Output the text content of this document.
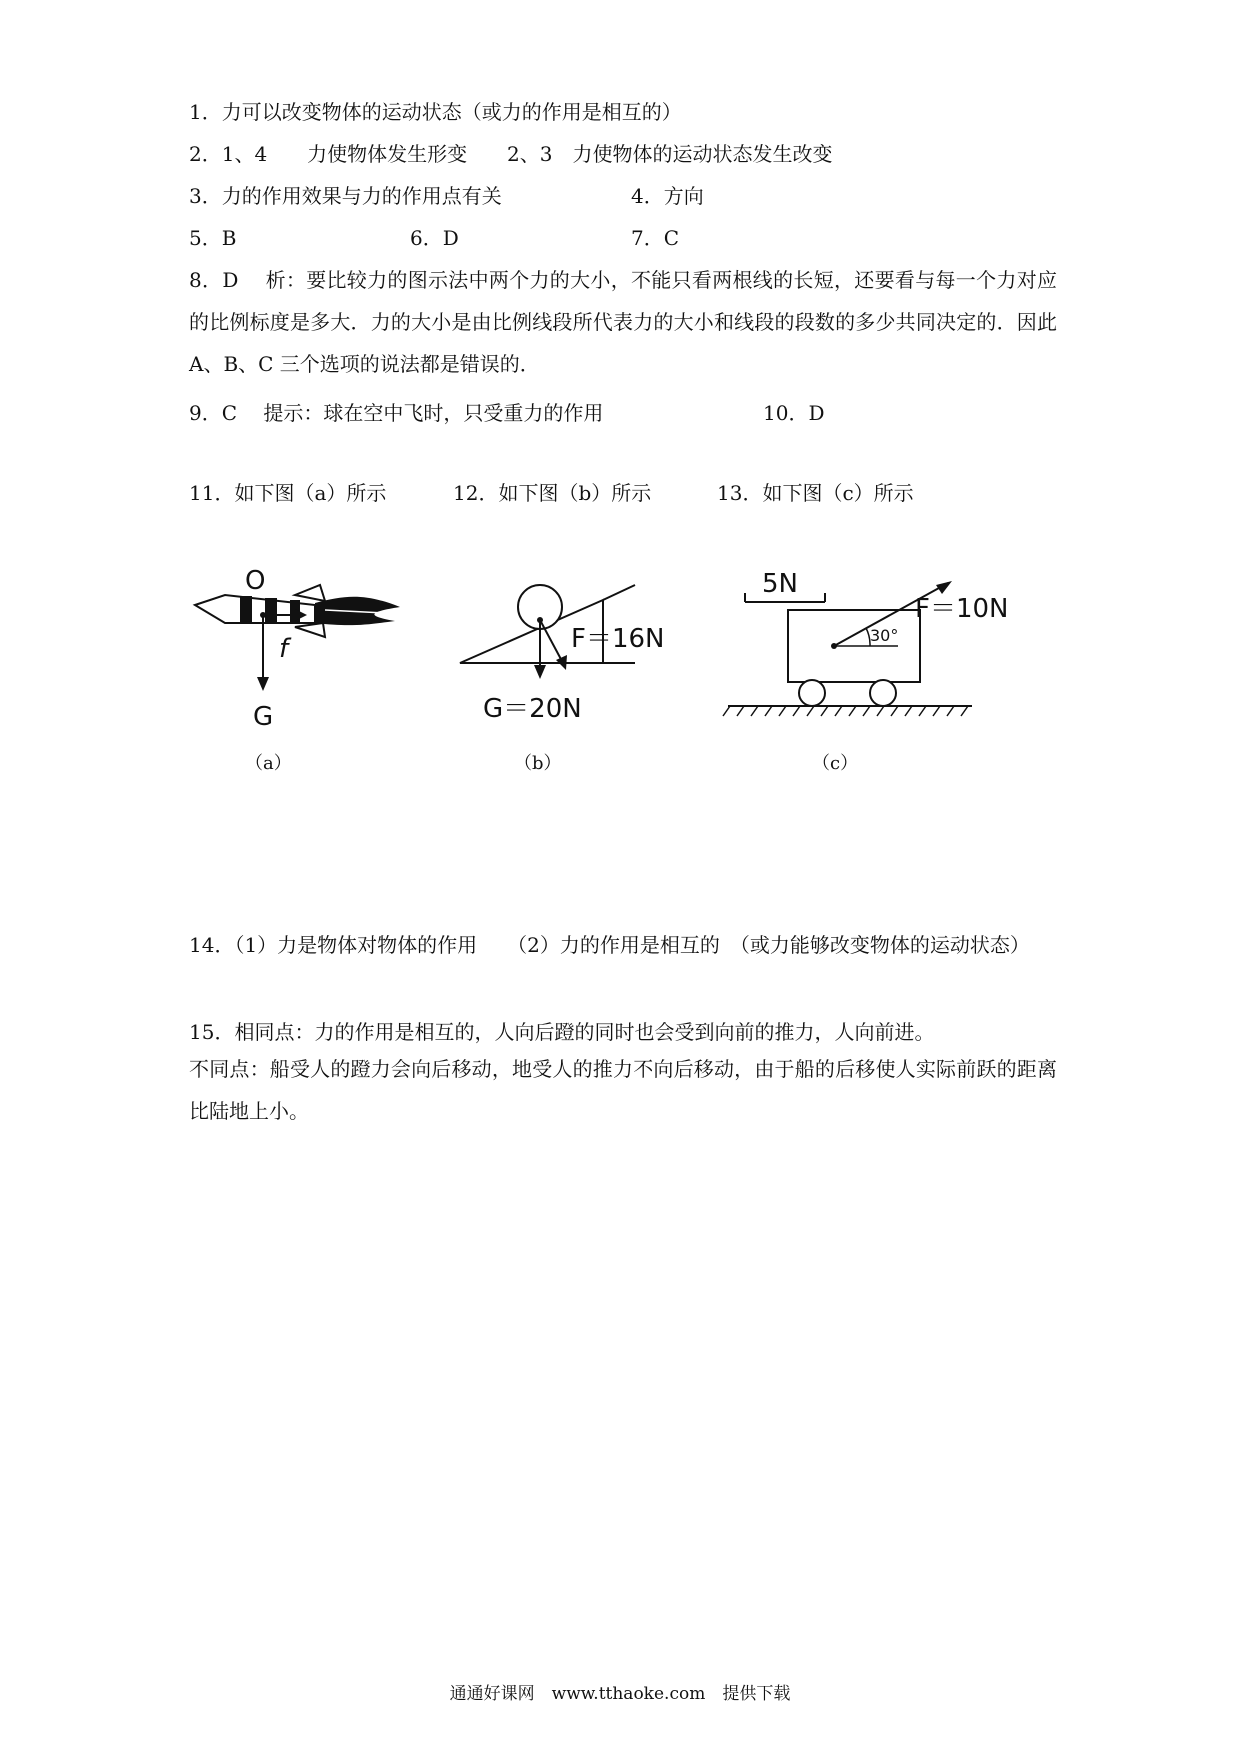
1．力可以改变物体的运动状态（或力的作用是相互的）
2．1、4　　力使物体发生形变 2、3　力使物体的运动状态发生改变
3．力的作用效果与力的作用点有关	4．方向
5．B	6．D	7．C
8．D　 析：要比较力的图示法中两个力的大小，不能只看两根线的长短，还要看与每一个力对应的比例标度是多大．力的大小是由比例线段所代表力的大小和线段的段数的多少共同决定的．因此 A、B、C 三个选项的说法都是错误的．
9．C　 提示：球在空中飞时，只受重力的作用	10．D
11．如下图（a）所示	12．如下图（b）所示	13．如下图（c）所示
O
f
G
（a）
F＝16N
G＝20N
（b）
5N
30°
F＝10N
（c）
14．（1）力是物体对物体的作用　　（2）力的作用是相互的　（或力能够改变物体的运动状态）
15．相同点：力的作用是相互的，人向后蹬的同时也会受到向前的推力，人向前进。
不同点：船受人的蹬力会向后移动，地受人的推力不向后移动，由于船的后移使人实际前跃的距离比陆地上小。
通通好课网　www.tthaoke.com　提供下载
